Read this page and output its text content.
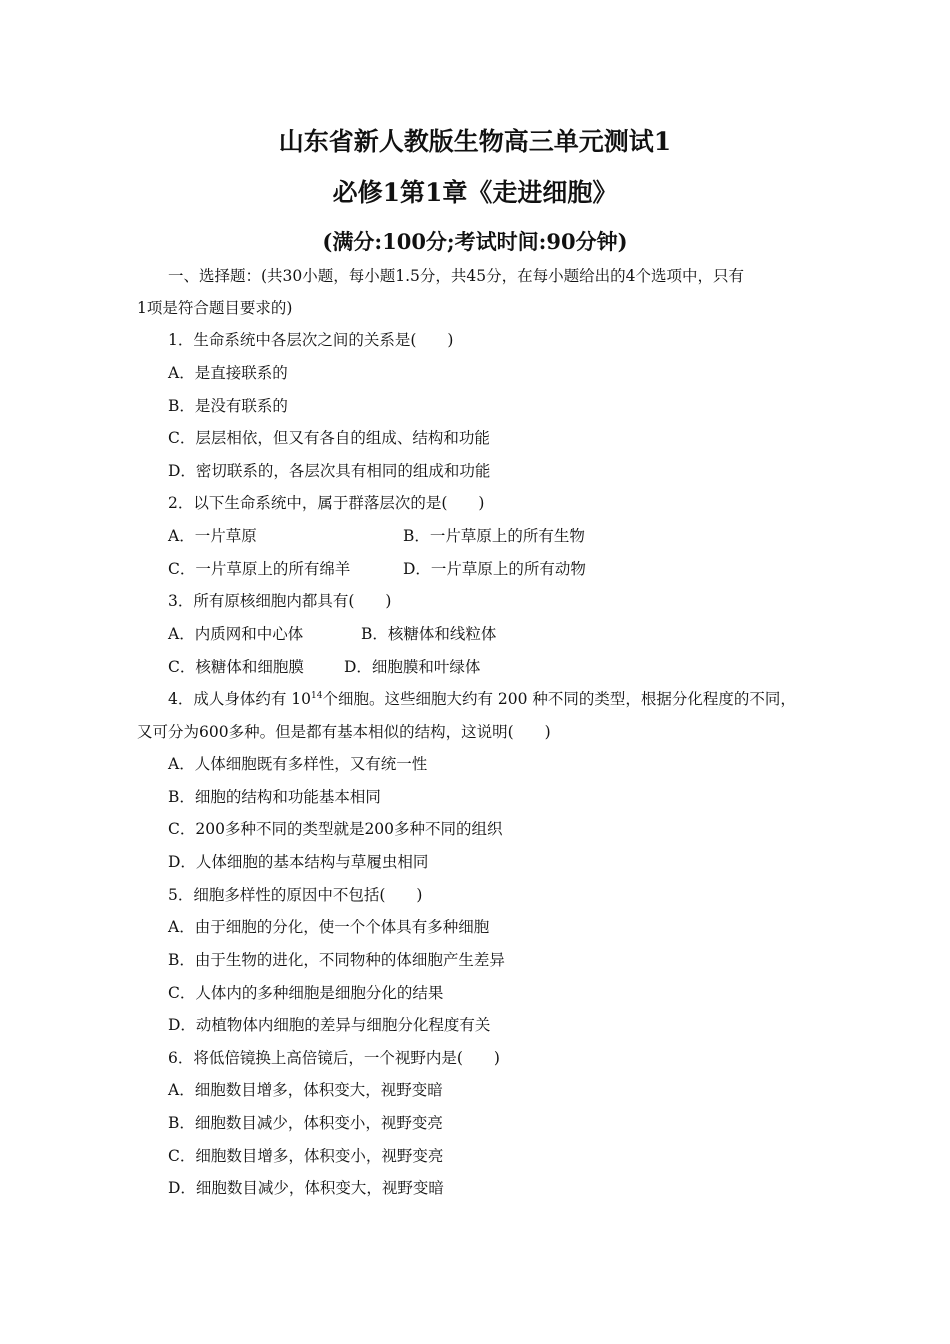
山东省新人教版生物高三单元测试1
必修1第1章《走进细胞》
(满分:100分;考试时间:90分钟)
一、选择题：(共30小题，每小题1.5分，共45分，在每小题给出的4个选项中，只有
1项是符合题目要求的)
1．生命系统中各层次之间的关系是(　　)
A．是直接联系的
B．是没有联系的
C．层层相依，但又有各自的组成、结构和功能
D．密切联系的，各层次具有相同的组成和功能
2．以下生命系统中，属于群落层次的是(　　)
A．一片草原	B．一片草原上的所有生物
C．一片草原上的所有绵羊	D．一片草原上的所有动物
3．所有原核细胞内都具有(　　)
A．内质网和中心体	B．核糖体和线粒体
C．核糖体和细胞膜	D．细胞膜和叶绿体
4．成人身体约有 $10^{14}$个细胞。这些细胞大约有 200 种不同的类型，根据分化程度的不同，
又可分为600多种。但是都有基本相似的结构，这说明(　　)
A．人体细胞既有多样性，又有统一性
B．细胞的结构和功能基本相同
C．200多种不同的类型就是200多种不同的组织
D．人体细胞的基本结构与草履虫相同
5．细胞多样性的原因中不包括(　　)
A．由于细胞的分化，使一个个体具有多种细胞
B．由于生物的进化，不同物种的体细胞产生差异
C．人体内的多种细胞是细胞分化的结果
D．动植物体内细胞的差异与细胞分化程度有关
6．将低倍镜换上高倍镜后，一个视野内是(　　)
A．细胞数目增多，体积变大，视野变暗
B．细胞数目减少，体积变小，视野变亮
C．细胞数目增多，体积变小，视野变亮
D．细胞数目减少，体积变大，视野变暗
